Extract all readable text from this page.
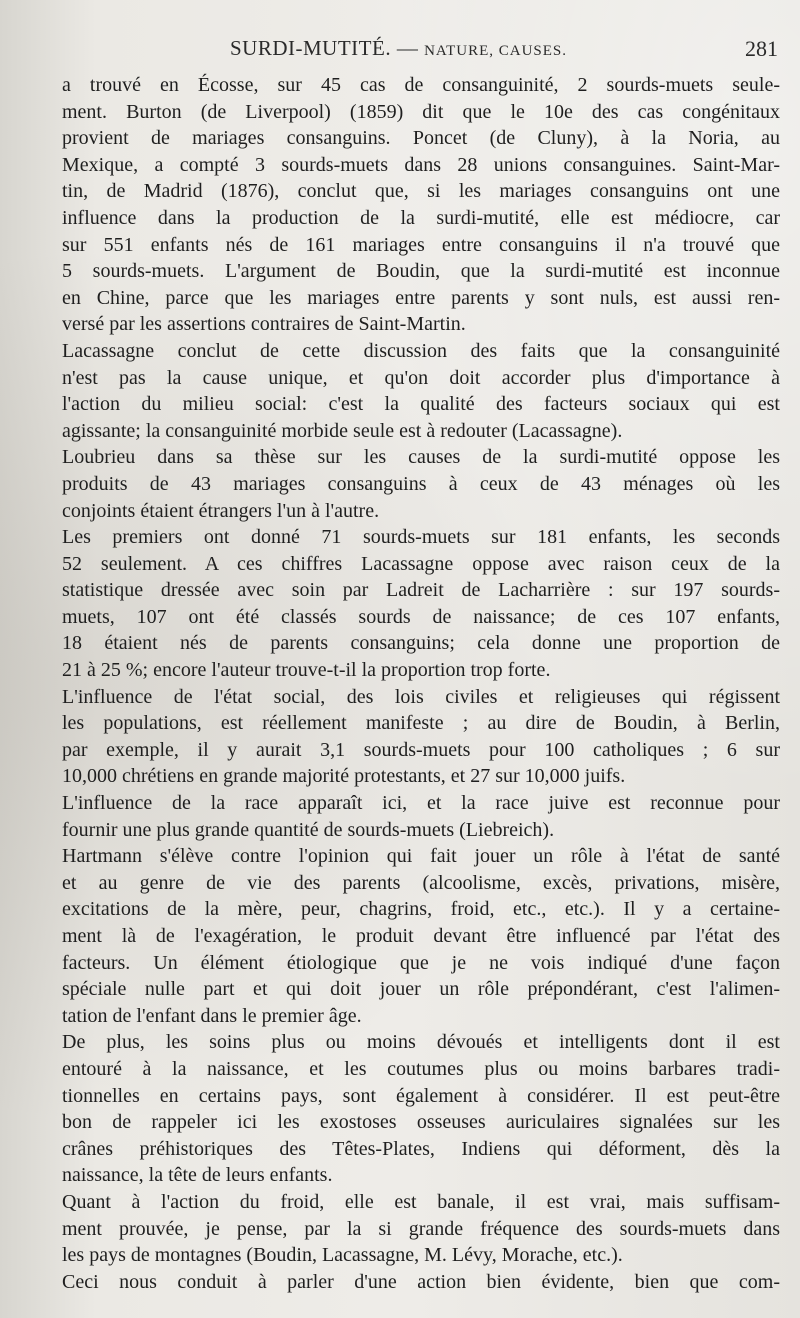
SURDI-MUTITÉ. — NATURE, CAUSES.	281
a trouvé en Écosse, sur 45 cas de consanguinité, 2 sourds-muets seule-
ment. Burton (de Liverpool) (1859) dit que le 10e des cas congénitaux
provient de mariages consanguins. Poncet (de Cluny), à la Noria, au
Mexique, a compté 3 sourds-muets dans 28 unions consanguines. Saint-Mar-
tin, de Madrid (1876), conclut que, si les mariages consanguins ont une
influence dans la production de la surdi-mutité, elle est médiocre, car
sur 551 enfants nés de 161 mariages entre consanguins il n'a trouvé que
5 sourds-muets. L'argument de Boudin, que la surdi-mutité est inconnue
en Chine, parce que les mariages entre parents y sont nuls, est aussi ren-
versé par les assertions contraires de Saint-Martin.
Lacassagne conclut de cette discussion des faits que la consanguinité
n'est pas la cause unique, et qu'on doit accorder plus d'importance à
l'action du milieu social: c'est la qualité des facteurs sociaux qui est
agissante; la consanguinité morbide seule est à redouter (Lacassagne).
Loubrieu dans sa thèse sur les causes de la surdi-mutité oppose les
produits de 43 mariages consanguins à ceux de 43 ménages où les
conjoints étaient étrangers l'un à l'autre.
Les premiers ont donné 71 sourds-muets sur 181 enfants, les seconds
52 seulement. A ces chiffres Lacassagne oppose avec raison ceux de la
statistique dressée avec soin par Ladreit de Lacharrière : sur 197 sourds-
muets, 107 ont été classés sourds de naissance; de ces 107 enfants,
18 étaient nés de parents consanguins; cela donne une proportion de
21 à 25 %; encore l'auteur trouve-t-il la proportion trop forte.
L'influence de l'état social, des lois civiles et religieuses qui régissent
les populations, est réellement manifeste ; au dire de Boudin, à Berlin,
par exemple, il y aurait 3,1 sourds-muets pour 100 catholiques ; 6 sur
10,000 chrétiens en grande majorité protestants, et 27 sur 10,000 juifs.
L'influence de la race apparaît ici, et la race juive est reconnue pour
fournir une plus grande quantité de sourds-muets (Liebreich).
Hartmann s'élève contre l'opinion qui fait jouer un rôle à l'état de santé
et au genre de vie des parents (alcoolisme, excès, privations, misère,
excitations de la mère, peur, chagrins, froid, etc., etc.). Il y a certaine-
ment là de l'exagération, le produit devant être influencé par l'état des
facteurs. Un élément étiologique que je ne vois indiqué d'une façon
spéciale nulle part et qui doit jouer un rôle prépondérant, c'est l'alimen-
tation de l'enfant dans le premier âge.
De plus, les soins plus ou moins dévoués et intelligents dont il est
entouré à la naissance, et les coutumes plus ou moins barbares tradi-
tionnelles en certains pays, sont également à considérer. Il est peut-être
bon de rappeler ici les exostoses osseuses auriculaires signalées sur les
crânes préhistoriques des Têtes-Plates, Indiens qui déforment, dès la
naissance, la tête de leurs enfants.
Quant à l'action du froid, elle est banale, il est vrai, mais suffisam-
ment prouvée, je pense, par la si grande fréquence des sourds-muets dans
les pays de montagnes (Boudin, Lacassagne, M. Lévy, Morache, etc.).
Ceci nous conduit à parler d'une action bien évidente, bien que com-
